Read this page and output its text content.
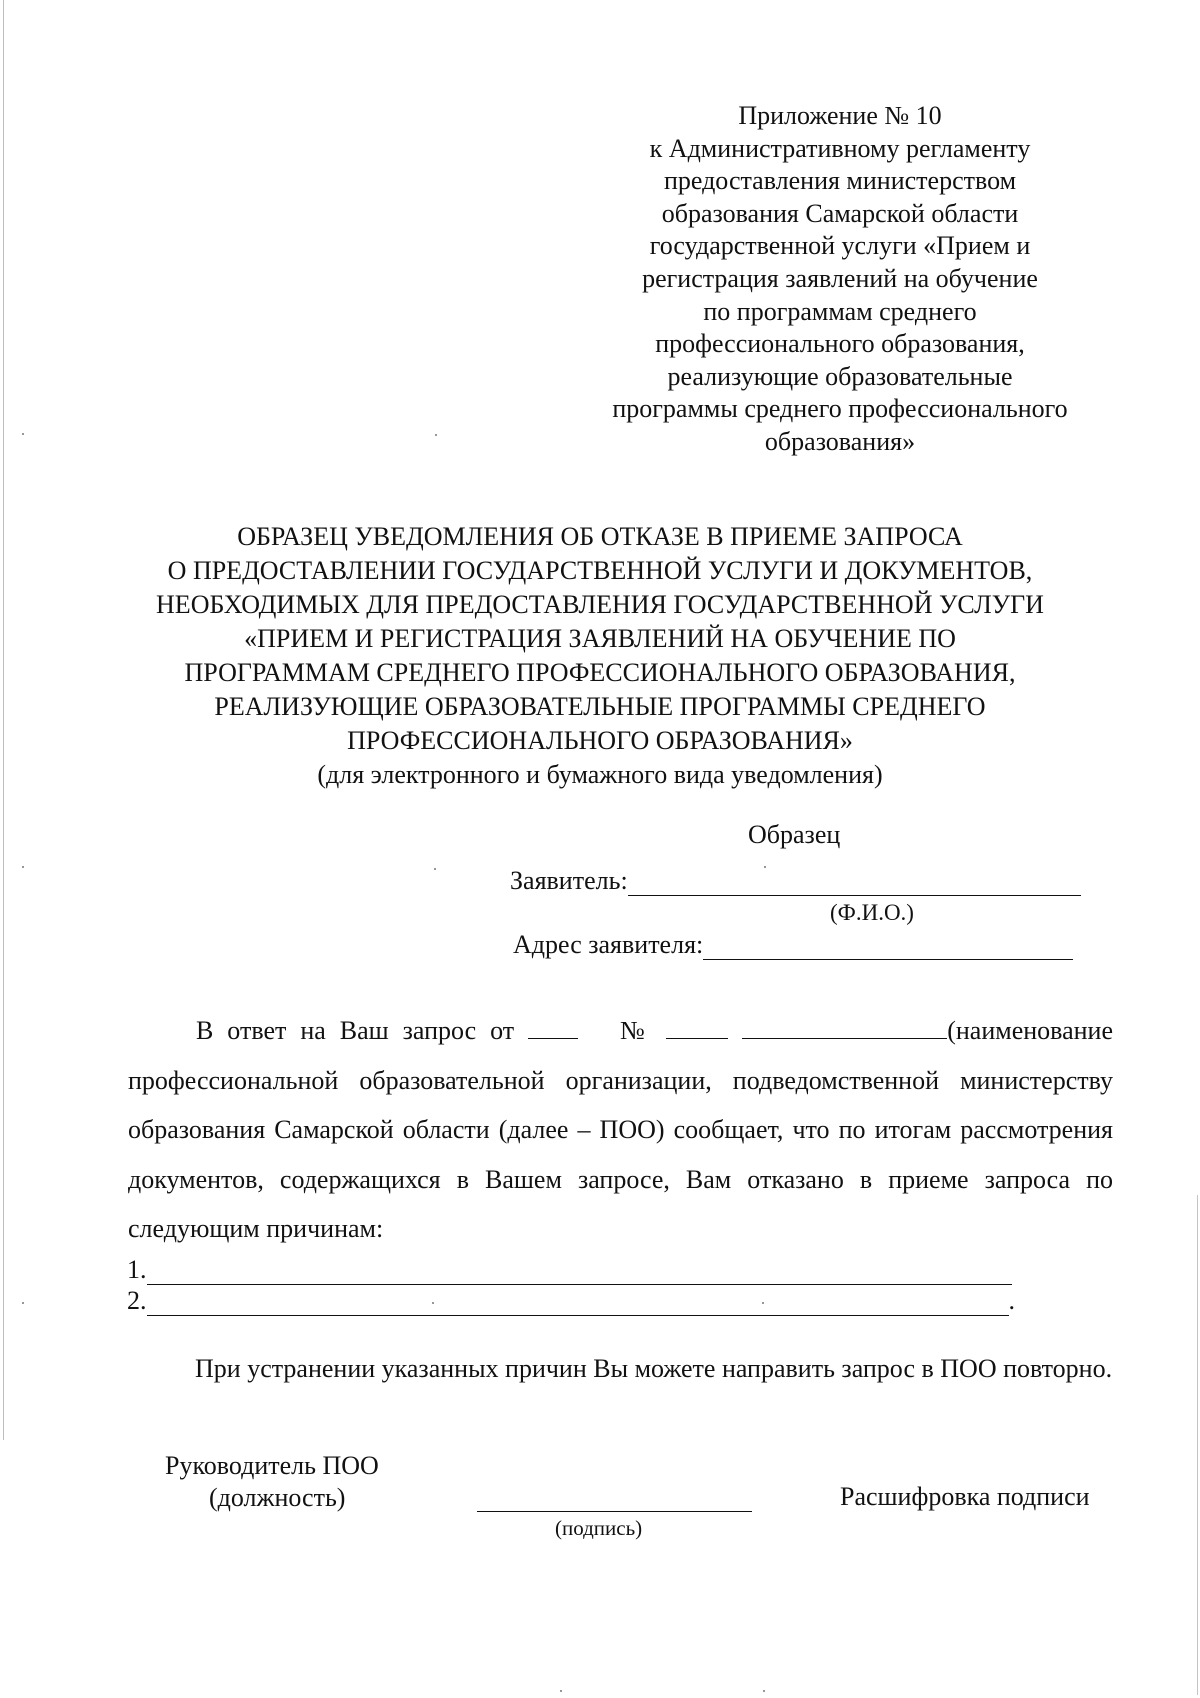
Приложение № 10
к Административному регламенту
предоставления министерством
образования Самарской области
государственной услуги «Прием и
регистрация заявлений на обучение
по программам среднего
профессионального образования,
реализующие образовательные
программы среднего профессионального
образования»
ОБРАЗЕЦ УВЕДОМЛЕНИЯ ОБ ОТКАЗЕ В ПРИЕМЕ ЗАПРОСА
О ПРЕДОСТАВЛЕНИИ ГОСУДАРСТВЕННОЙ УСЛУГИ И ДОКУМЕНТОВ,
НЕОБХОДИМЫХ ДЛЯ ПРЕДОСТАВЛЕНИЯ ГОСУДАРСТВЕННОЙ УСЛУГИ
«ПРИЕМ И РЕГИСТРАЦИЯ ЗАЯВЛЕНИЙ НА ОБУЧЕНИЕ ПО
ПРОГРАММАМ СРЕДНЕГО ПРОФЕССИОНАЛЬНОГО ОБРАЗОВАНИЯ,
РЕАЛИЗУЮЩИЕ ОБРАЗОВАТЕЛЬНЫЕ ПРОГРАММЫ СРЕДНЕГО
ПРОФЕССИОНАЛЬНОГО ОБРАЗОВАНИЯ»
(для электронного и бумажного вида уведомления)
Образец
Заявитель:
(Ф.И.О.)
Адрес заявителя:
В ответ на Ваш запрос от	№	(наименование профессиональной образовательной организации, подведомственной министерству образования Самарской области (далее – ПОО) сообщает, что по итогам рассмотрения документов, содержащихся в Вашем запросе, Вам отказано в приеме запроса по следующим причинам:
1.
2.	.
При устранении указанных причин Вы можете направить запрос в ПОО повторно.
Руководитель ПОО
(должность)
(подпись)
Расшифровка подписи
